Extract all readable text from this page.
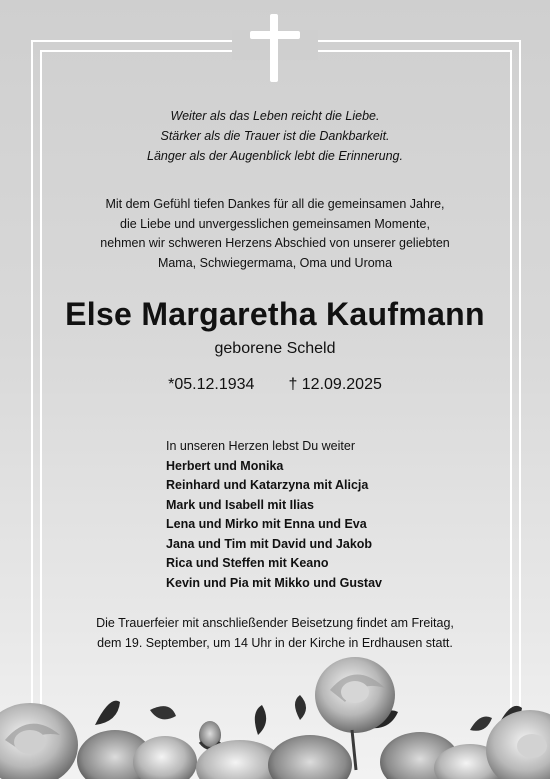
Weiter als das Leben reicht die Liebe.
Stärker als die Trauer ist die Dankbarkeit.
Länger als der Augenblick lebt die Erinnerung.
Mit dem Gefühl tiefen Dankes für all die gemeinsamen Jahre,
die Liebe und unvergesslichen gemeinsamen Momente,
nehmen wir schweren Herzens Abschied von unserer geliebten
Mama, Schwiegermama, Oma und Uroma
Else Margaretha Kaufmann
geborene Scheld
*05.12.1934 † 12.09.2025
In unseren Herzen lebst Du weiter
Herbert und Monika
Reinhard und Katarzyna mit Alicja
Mark und Isabell mit Ilias
Lena und Mirko mit Enna und Eva
Jana und Tim mit David und Jakob
Rica und Steffen mit Keano
Kevin und Pia mit Mikko und Gustav
Die Trauerfeier mit anschließender Beisetzung findet am Freitag,
dem 19. September, um 14 Uhr in der Kirche in Erdhausen statt.
